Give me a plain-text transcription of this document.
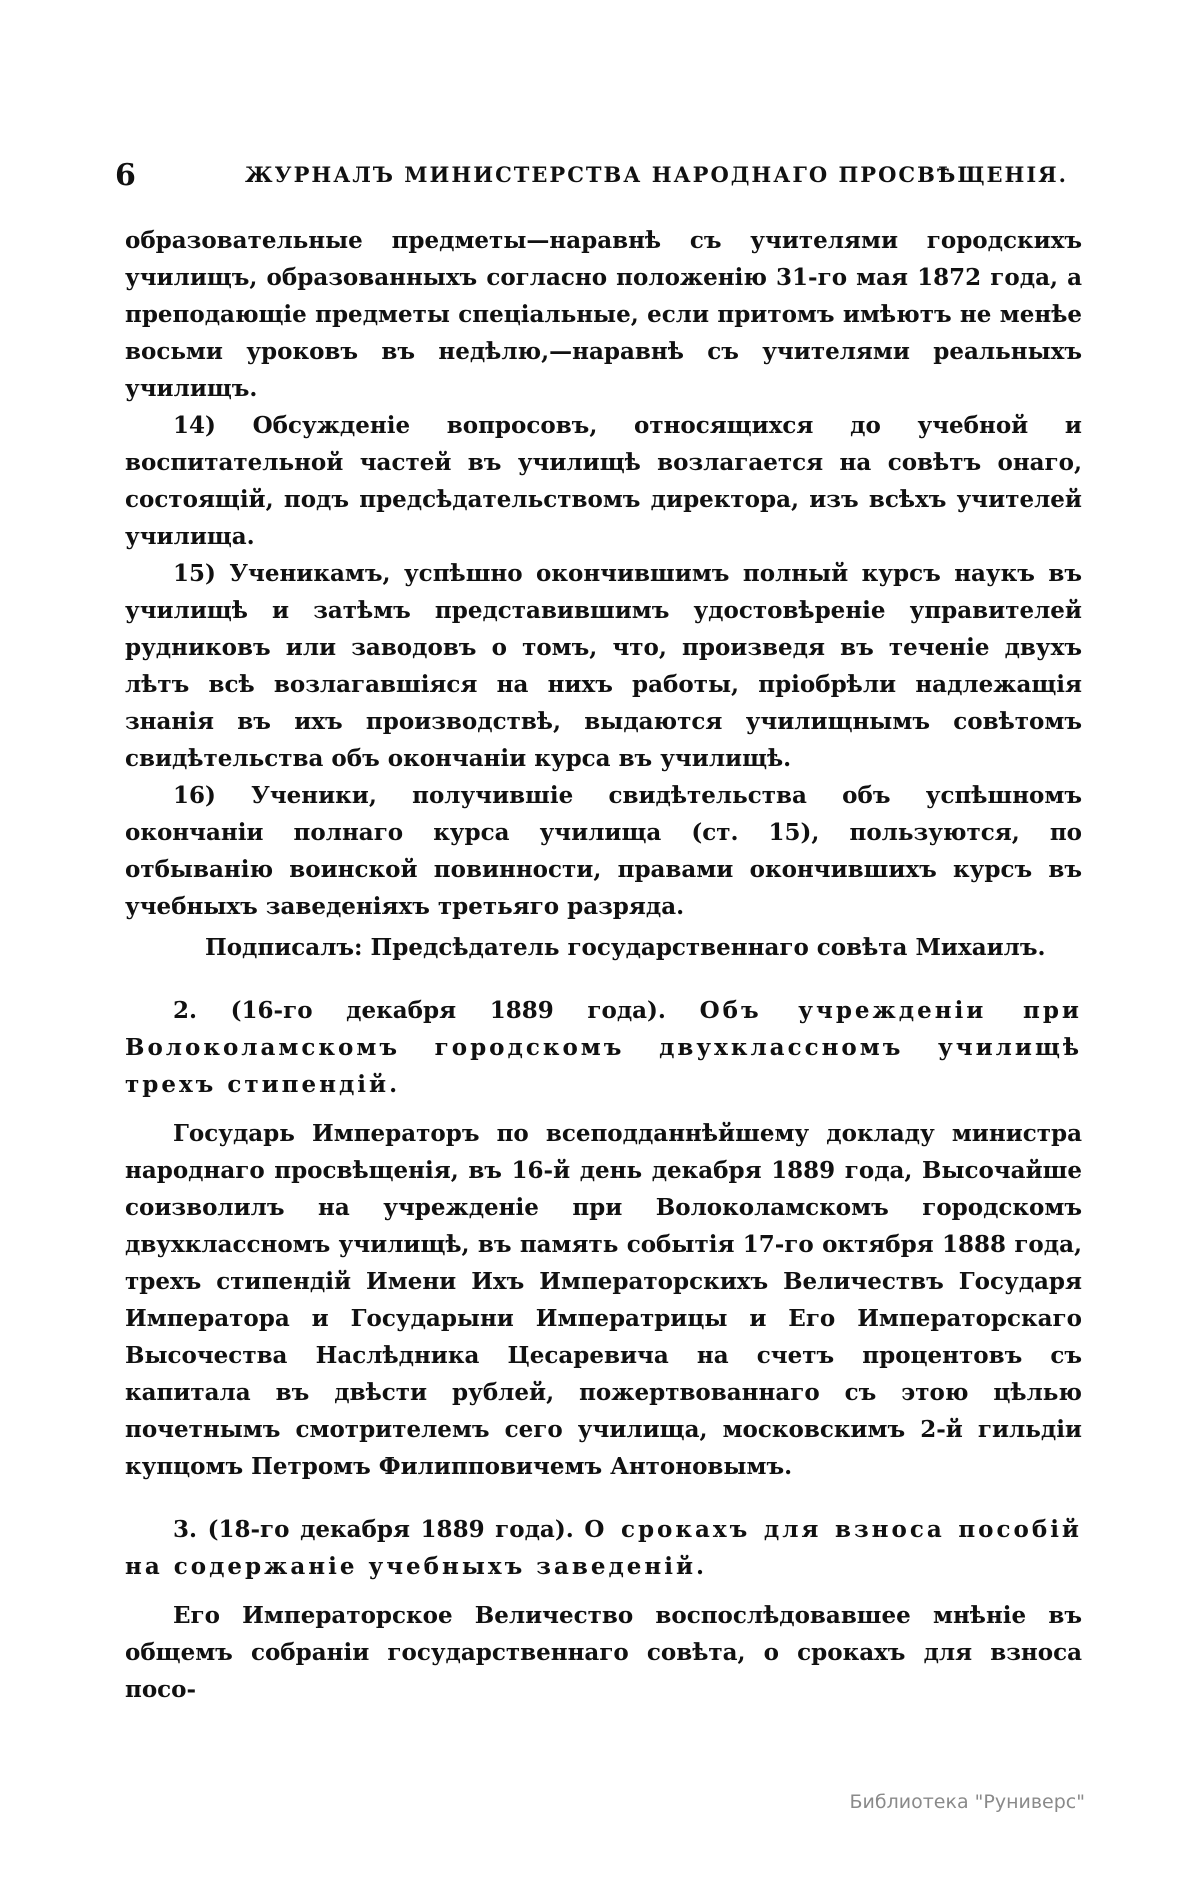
6	ЖУРНАЛЪ МИНИСТЕРСТВА НАРОДНАГО ПРОСВѢЩЕНІЯ.

образовательные предметы—наравнѣ съ учителями городскихъ училищъ, образованныхъ согласно положенію 31-го мая 1872 года, а преподающіе предметы спеціальные, если притомъ имѣютъ не менѣе восьми уроковъ въ недѣлю,—наравнѣ съ учителями реальныхъ училищъ.

14) Обсужденіе вопросовъ, относящихся до учебной и воспитательной частей въ училищѣ возлагается на совѣтъ онаго, состоящій, подъ предсѣдательствомъ директора, изъ всѣхъ учителей училища.

15) Ученикамъ, успѣшно окончившимъ полный курсъ наукъ въ училищѣ и затѣмъ представившимъ удостовѣреніе управителей рудниковъ или заводовъ о томъ, что, произведя въ теченіе двухъ лѣтъ всѣ возлагавшіяся на нихъ работы, пріобрѣли надлежащія знанія въ ихъ производствѣ, выдаются училищнымъ совѣтомъ свидѣтельства объ окончаніи курса въ училищѣ.

16) Ученики, получившіе свидѣтельства объ успѣшномъ окончаніи полнаго курса училища (ст. 15), пользуются, по отбыванію воинской повинности, правами окончившихъ курсъ въ учебныхъ заведеніяхъ третьяго разряда.

Подписалъ: Предсѣдатель государственнаго совѣта Михаилъ.

2. (16-го декабря 1889 года). Объ учрежденіи при Волоколамскомъ городскомъ двухклассномъ училищѣ трехъ стипендій.

Государь Императоръ по всеподданнѣйшему докладу министра народнаго просвѣщенія, въ 16-й день декабря 1889 года, Высочайше соизволилъ на учрежденіе при Волоколамскомъ городскомъ двухклассномъ училищѣ, въ память событія 17-го октября 1888 года, трехъ стипендій Имени Ихъ Императорскихъ Величествъ Государя Императора и Государыни Императрицы и Его Императорскаго Высочества Наслѣдника Цесаревича на счетъ процентовъ съ капитала въ двѣсти рублей, пожертвованнаго съ этою цѣлью почетнымъ смотрителемъ сего училища, московскимъ 2-й гильдіи купцомъ Петромъ Филипповичемъ Антоновымъ.

3. (18-го декабря 1889 года). О срокахъ для взноса пособій на содержаніе учебныхъ заведеній.

Его Императорское Величество воспослѣдовавшее мнѣніе въ общемъ собраніи государственнаго совѣта, о срокахъ для взноса посо-

Библиотека "Руниверс"
